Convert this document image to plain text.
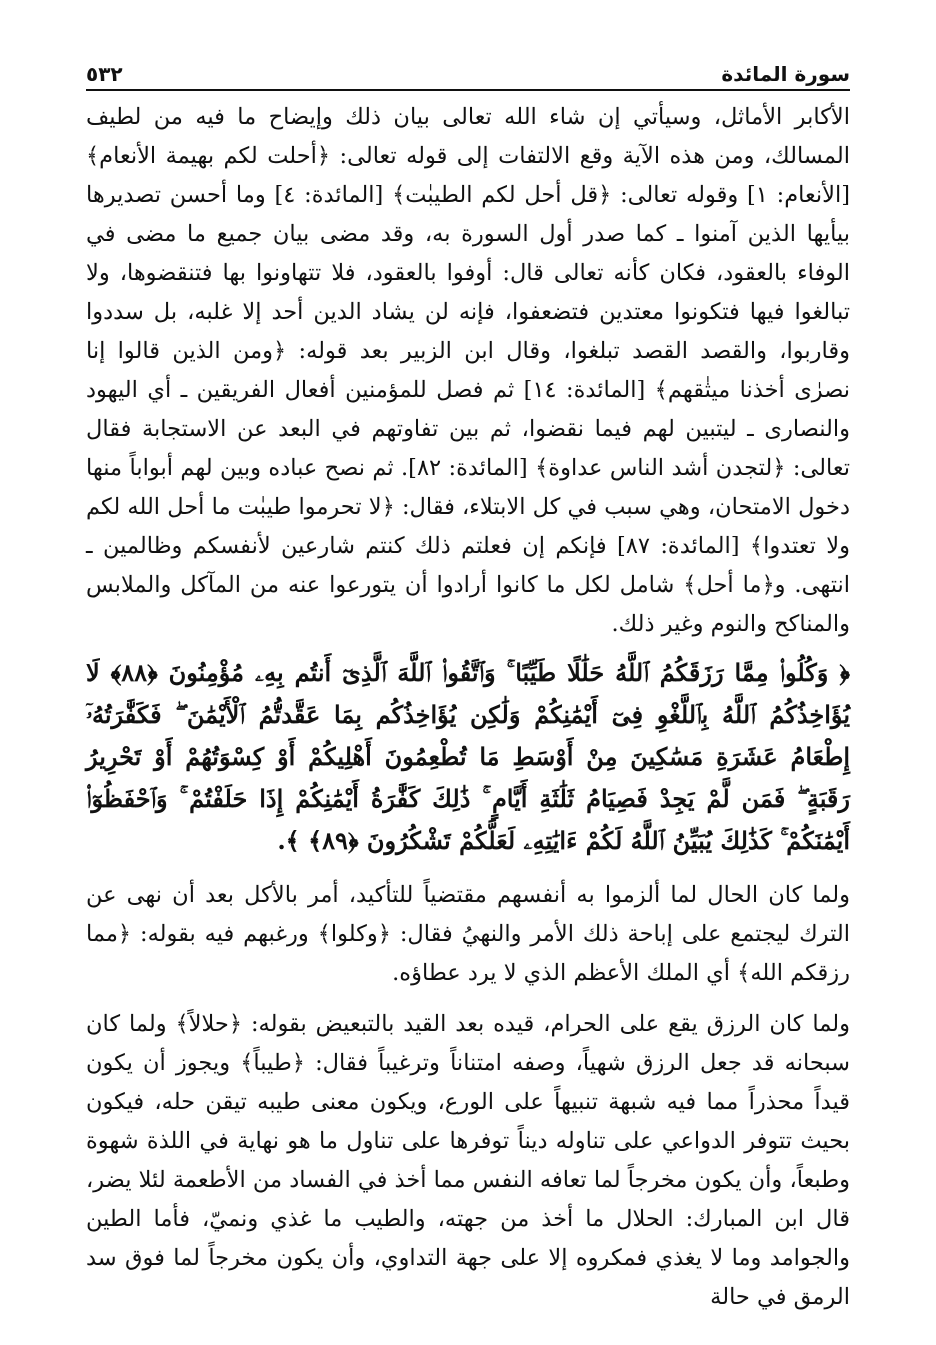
٥٣٢	سورة المائدة

الأكابر الأماثل، وسيأتي إن شاء الله تعالى بيان ذلك وإيضاح ما فيه من لطيف المسالك، ومن هذه الآية وقع الالتفات إلى قوله تعالى: ﴿أحلت لكم بهيمة الأنعام﴾ [الأنعام: ١] وقوله تعالى: ﴿قل أحل لكم الطيبٰت﴾ [المائدة: ٤] وما أحسن تصديرها بيأيها الذين آمنوا ـ كما صدر أول السورة به، وقد مضى بيان جميع ما مضى في الوفاء بالعقود، فكان كأنه تعالى قال: أوفوا بالعقود، فلا تتهاونوا بها فتنقضوها، ولا تبالغوا فيها فتكونوا معتدين فتضعفوا، فإنه لن يشاد الدين أحد إلا غلبه، بل سددوا وقاربوا، والقصد القصد تبلغوا، وقال ابن الزبير بعد قوله: ﴿ومن الذين قالوا إنا نصرٰى أخذنا ميثٰقهم﴾ [المائدة: ١٤] ثم فصل للمؤمنين أفعال الفريقين ـ أي اليهود والنصارى ـ ليتبين لهم فيما نقضوا، ثم بين تفاوتهم في البعد عن الاستجابة فقال تعالى: ﴿لتجدن أشد الناس عداوة﴾ [المائدة: ٨٢]. ثم نصح عباده وبين لهم أبواباً منها دخول الامتحان، وهي سبب في كل الابتلاء، فقال: ﴿لا تحرموا طيبٰت ما أحل الله لكم ولا تعتدوا﴾ [المائدة: ٨٧] فإنكم إن فعلتم ذلك كنتم شارعين لأنفسكم وظالمين ـ انتهى. و﴿ما أحل﴾ شامل لكل ما كانوا أرادوا أن يتورعوا عنه من المآكل والملابس والمناكح والنوم وغير ذلك.

﴿ وَكُلُوا۟ مِمَّا رَزَقَكُمُ ٱللَّهُ حَلَٰلًا طَيِّبًا ۚ وَٱتَّقُوا۟ ٱللَّهَ ٱلَّذِىٓ أَنتُم بِهِۦ مُؤْمِنُونَ ﴿٨٨﴾ لَا يُؤَاخِذُكُمُ ٱللَّهُ بِٱللَّغْوِ فِىٓ أَيْمَٰنِكُمْ وَلَٰكِن يُؤَاخِذُكُم بِمَا عَقَّدتُّمُ ٱلْأَيْمَٰنَ ۖ فَكَفَّٰرَتُهُۥٓ إِطْعَامُ عَشَرَةِ مَسَٰكِينَ مِنْ أَوْسَطِ مَا تُطْعِمُونَ أَهْلِيكُمْ أَوْ كِسْوَتُهُمْ أَوْ تَحْرِيرُ رَقَبَةٍ ۖ فَمَن لَّمْ يَجِدْ فَصِيَامُ ثَلَٰثَةِ أَيَّامٍ ۚ ذَٰلِكَ كَفَّٰرَةُ أَيْمَٰنِكُمْ إِذَا حَلَفْتُمْ ۚ وَٱحْفَظُوٓا۟ أَيْمَٰنَكُمْ ۚ كَذَٰلِكَ يُبَيِّنُ ٱللَّهُ لَكُمْ ءَايَٰتِهِۦ لَعَلَّكُمْ تَشْكُرُونَ ﴿٨٩﴾ ﴾.

ولما كان الحال لما ألزموا به أنفسهم مقتضياً للتأكيد، أمر بالأكل بعد أن نهى عن الترك ليجتمع على إباحة ذلك الأمر والنهيُ فقال: ﴿وكلوا﴾ ورغبهم فيه بقوله: ﴿مما رزقكم الله﴾ أي الملك الأعظم الذي لا يرد عطاؤه.

ولما كان الرزق يقع على الحرام، قيده بعد القيد بالتبعيض بقوله: ﴿حلالاً﴾ ولما كان سبحانه قد جعل الرزق شهياً، وصفه امتناناً وترغيباً فقال: ﴿طيباً﴾ ويجوز أن يكون قيداً محذراً مما فيه شبهة تنبيهاً على الورع، ويكون معنى طيبه تيقن حله، فيكون بحيث تتوفر الدواعي على تناوله ديناً توفرها على تناول ما هو نهاية في اللذة شهوة وطبعاً، وأن يكون مخرجاً لما تعافه النفس مما أخذ في الفساد من الأطعمة لئلا يضر، قال ابن المبارك: الحلال ما أخذ من جهته، والطيب ما غذي ونميّ، فأما الطين والجوامد وما لا يغذي فمكروه إلا على جهة التداوي، وأن يكون مخرجاً لما فوق سد الرمق في حالة
